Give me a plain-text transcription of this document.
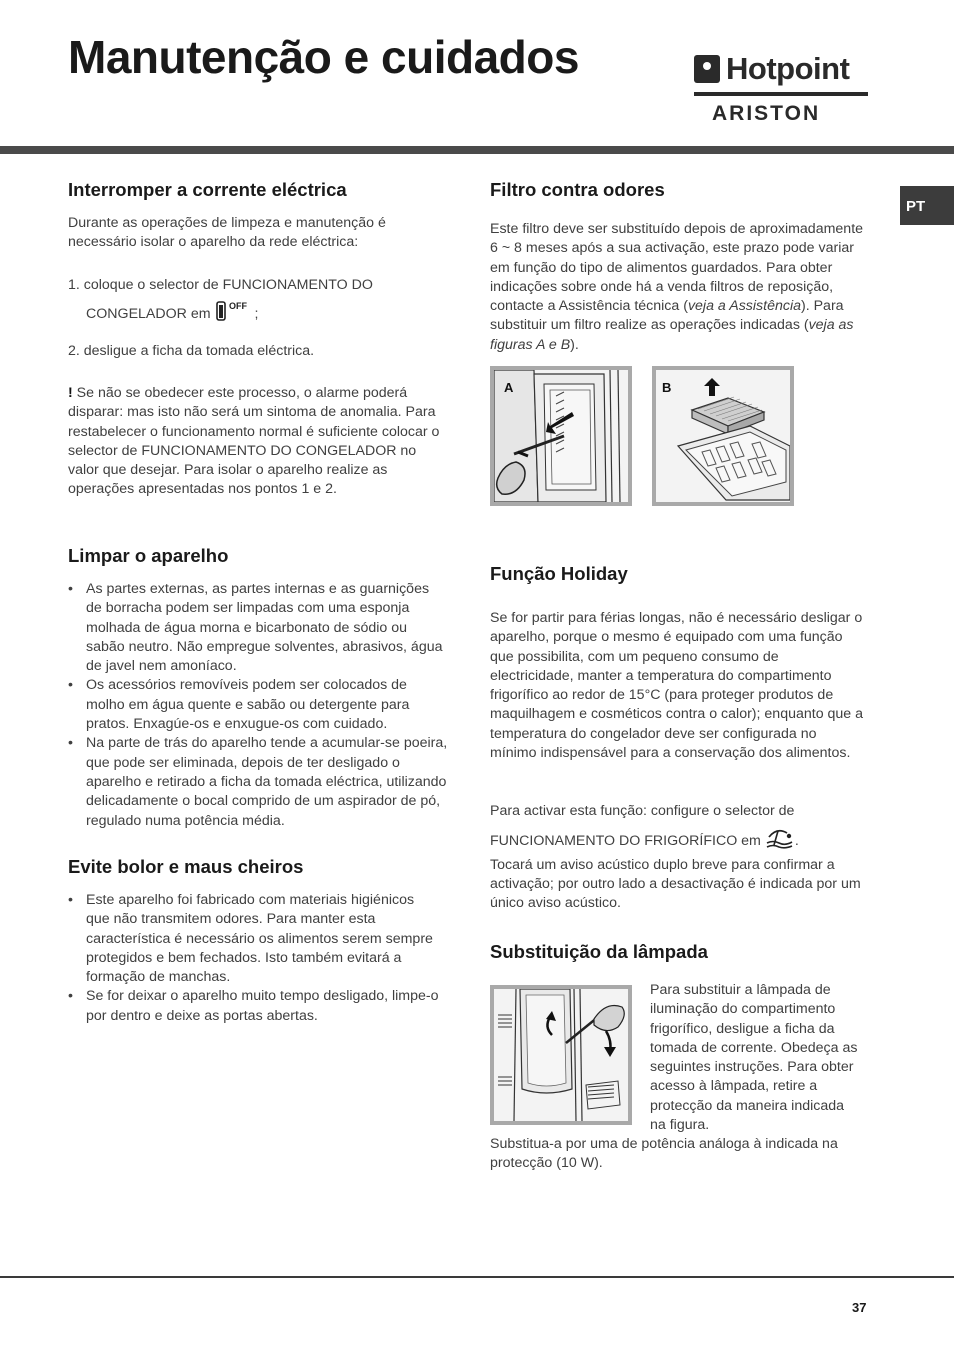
Manutenção e cuidados	Hotpoint
ARISTON
PT
Interromper a corrente eléctrica
Durante as operações de limpeza e manutenção é necessário isolar o aparelho da rede eléctrica:
1. coloque o selector de FUNCIONAMENTO DO
CONGELADOR em OFF ;
2. desligue a ficha da tomada eléctrica.
! Se não se obedecer este processo, o alarme poderá disparar: mas isto não será um sintoma de anomalia. Para restabelecer o funcionamento normal é suficiente colocar o selector de FUNCIONAMENTO DO CONGELADOR no valor que desejar. Para isolar o aparelho realize as operações apresentadas nos pontos 1 e 2.
Limpar o aparelho
• As partes externas, as partes internas e as guarnições de borracha podem ser limpadas com uma esponja molhada de água morna e bicarbonato de sódio ou sabão neutro. Não empregue solventes, abrasivos, água de javel nem amoníaco.
• Os acessórios removíveis podem ser colocados de molho em água quente e sabão ou detergente para pratos. Enxagúe-os e enxugue-os com cuidado.
• Na parte de trás do aparelho tende a acumular-se poeira, que pode ser eliminada, depois de ter desligado o aparelho e retirado a ficha da tomada eléctrica, utilizando delicadamente o bocal comprido de um aspirador de pó, regulado numa potência média.
Evite bolor e maus cheiros
• Este aparelho foi fabricado com materiais higiénicos que não transmitem odores. Para manter esta característica é necessário os alimentos serem sempre protegidos e bem fechados. Isto também evitará a formação de manchas.
• Se for deixar o aparelho muito tempo desligado, limpe-o por dentro e deixe as portas abertas.
Filtro contra odores
Este filtro deve ser substituído depois de aproximadamente 6 ~ 8 meses após a sua activação, este prazo pode variar em função do tipo de alimentos guardados. Para obter indicações sobre onde há a venda filtros de reposição, contacte a Assistência técnica (veja a Assistência). Para substituir um filtro realize as operações indicadas (veja as figuras A e B).
A	B
Função Holiday
Se for partir para férias longas, não é necessário desligar o aparelho, porque o mesmo é equipado com uma função que possibilita, com um pequeno consumo de electricidade, manter a temperatura do compartimento frigorífico ao redor de 15°C (para proteger produtos de maquilhagem e cosméticos contra o calor); enquanto que a temperatura do congelador deve ser configurada no mínimo indispensável para a conservação dos alimentos.
Para activar esta função: configure o selector de
FUNCIONAMENTO DO FRIGORÍFICO em .
Tocará um aviso acústico duplo breve para confirmar a activação; por outro lado a desactivação é indicada por um único aviso acústico.
Substituição da lâmpada
Para substituir a lâmpada de iluminação do compartimento frigorífico, desligue a ficha da tomada de corrente. Obedeça as seguintes instruções. Para obter acesso à lâmpada, retire a protecção da maneira indicada na figura.
Substitua-a por uma de potência análoga à indicada na protecção (10 W).
37
